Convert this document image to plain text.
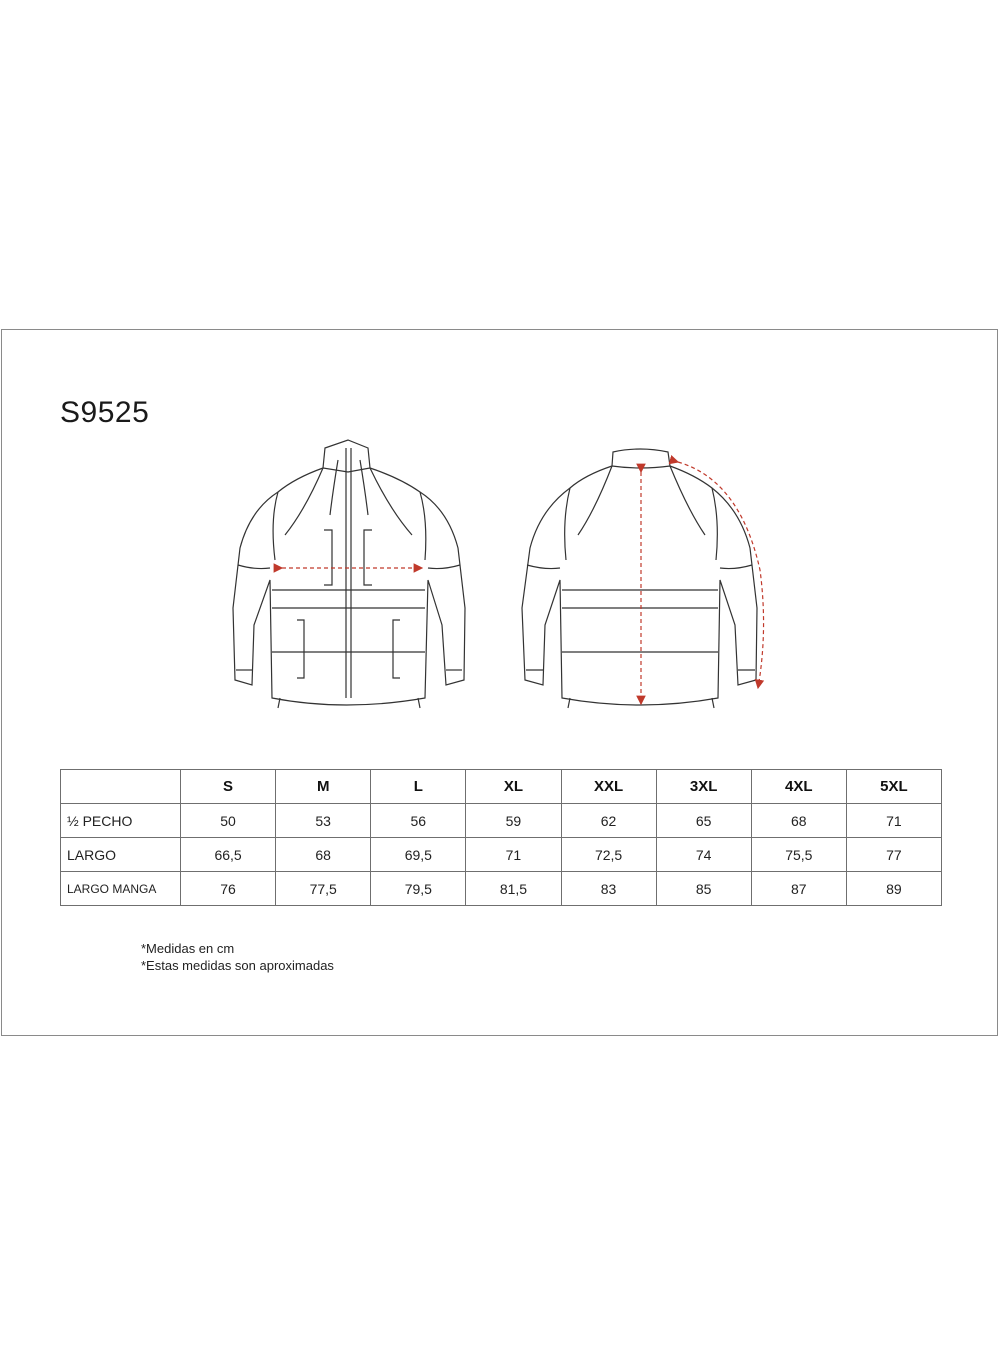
S9525
	S	M	L	XL	XXL	3XL	4XL	5XL
½ PECHO	50	53	56	59	62	65	68	71
LARGO	66,5	68	69,5	71	72,5	74	75,5	77
LARGO MANGA	76	77,5	79,5	81,5	83	85	87	89
*Medidas en cm
*Estas medidas son aproximadas
